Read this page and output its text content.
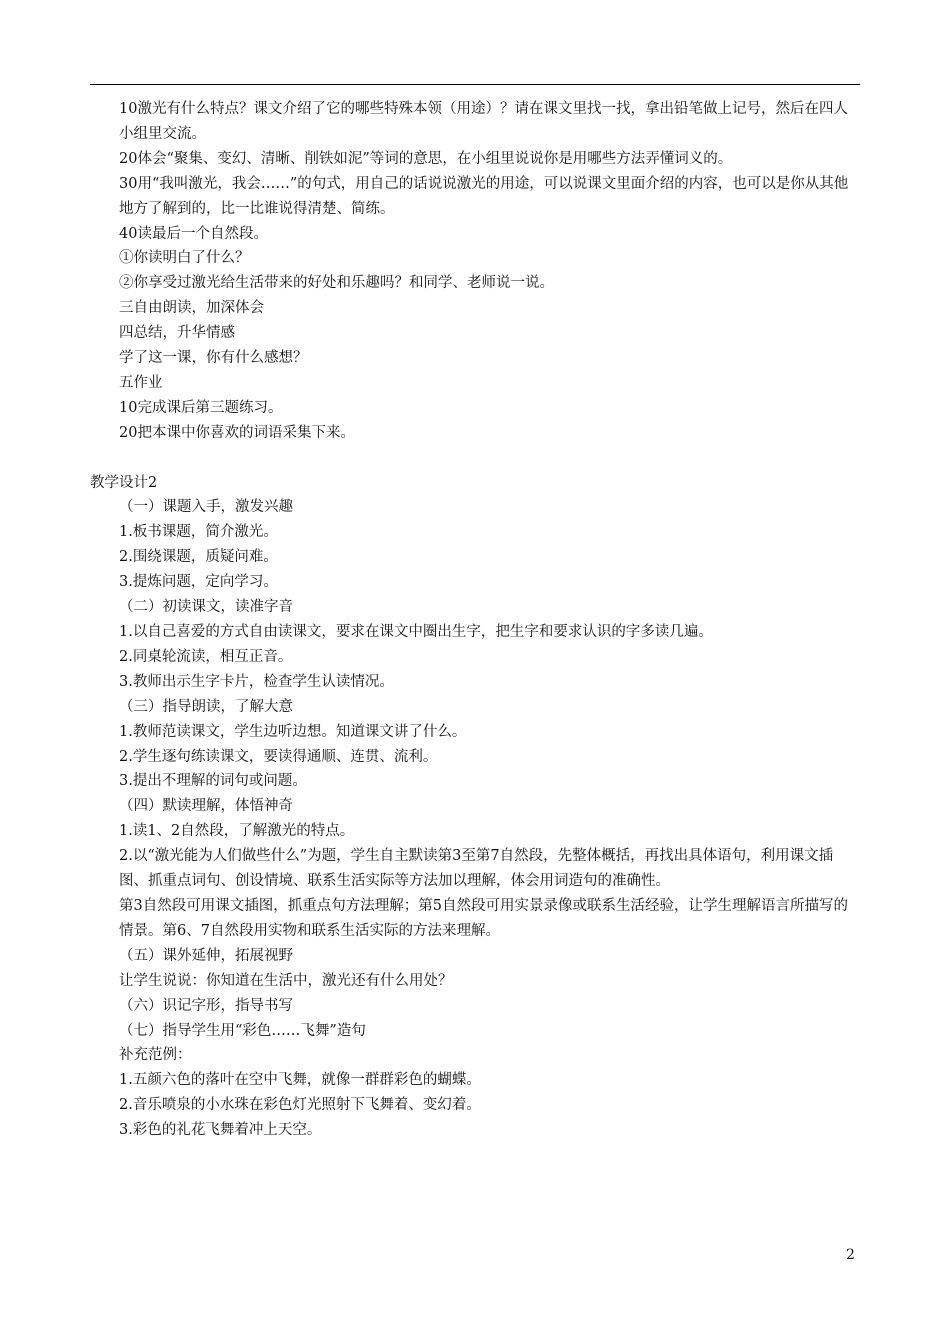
10激光有什么特点？课文介绍了它的哪些特殊本领（用途）？请在课文里找一找，拿出铅笔做上记号，然后在四人小组里交流。
20体会“聚集、变幻、清晰、削铁如泥”等词的意思，在小组里说说你是用哪些方法弄懂词义的。
30用“我叫激光，我会……”的句式，用自己的话说说激光的用途，可以说课文里面介绍的内容，也可以是你从其他地方了解到的，比一比谁说得清楚、简练。
40读最后一个自然段。
①你读明白了什么？
②你享受过激光给生活带来的好处和乐趣吗？和同学、老师说一说。
三自由朗读，加深体会
四总结，升华情感
学了这一课，你有什么感想？
五作业
10完成课后第三题练习。
20把本课中你喜欢的词语采集下来。
教学设计2
（一）课题入手，激发兴趣
1.板书课题，简介激光。
2.围绕课题，质疑问难。
3.提炼问题，定向学习。
（二）初读课文，读准字音
1.以自己喜爱的方式自由读课文，要求在课文中圈出生字，把生字和要求认识的字多读几遍。
2.同桌轮流读，相互正音。
3.教师出示生字卡片，检查学生认读情况。
（三）指导朗读，了解大意
1.教师范读课文，学生边听边想。知道课文讲了什么。
2.学生逐句练读课文，要读得通顺、连贯、流利。
3.提出不理解的词句或问题。
（四）默读理解，体悟神奇
1.读1、2自然段，了解激光的特点。
2.以“激光能为人们做些什么”为题，学生自主默读第3至第7自然段，先整体概括，再找出具体语句，利用课文插图、抓重点词句、创设情境、联系生活实际等方法加以理解，体会用词造句的准确性。
第3自然段可用课文插图，抓重点句方法理解；第5自然段可用实景录像或联系生活经验，让学生理解语言所描写的情景。第6、7自然段用实物和联系生活实际的方法来理解。
（五）课外延伸，拓展视野
让学生说说：你知道在生活中，激光还有什么用处？
（六）识记字形，指导书写
（七）指导学生用“彩色……飞舞”造句
补充范例：
1.五颜六色的落叶在空中飞舞，就像一群群彩色的蝴蝶。
2.音乐喷泉的小水珠在彩色灯光照射下飞舞着、变幻着。
3.彩色的礼花飞舞着冲上天空。
2
